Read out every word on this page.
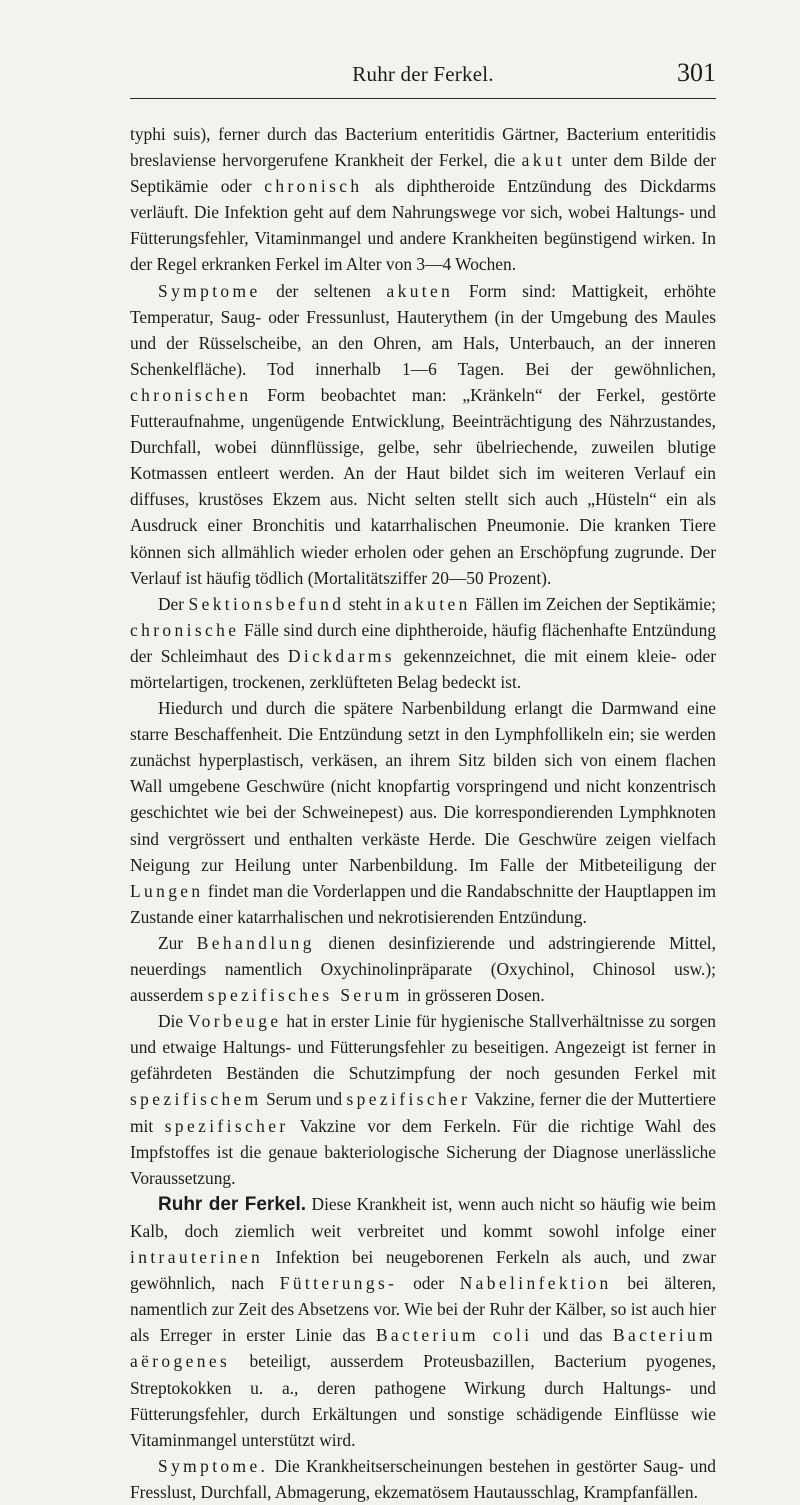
Ruhr der Ferkel.	301

typhi suis), ferner durch das Bacterium enteritidis Gärtner, Bacterium enteritidis breslaviense hervorgerufene Krankheit der Ferkel, die akut unter dem Bilde der Septikämie oder chronisch als diphtheroide Entzündung des Dickdarms verläuft. Die Infektion geht auf dem Nahrungswege vor sich, wobei Haltungs- und Fütterungsfehler, Vitaminmangel und andere Krankheiten begünstigend wirken. In der Regel erkranken Ferkel im Alter von 3—4 Wochen.

Symptome der seltenen akuten Form sind: Mattigkeit, erhöhte Temperatur, Saug- oder Fressunlust, Hauterythem (in der Umgebung des Maules und der Rüsselscheibe, an den Ohren, am Hals, Unterbauch, an der inneren Schenkelfläche). Tod innerhalb 1—6 Tagen. Bei der gewöhnlichen, chronischen Form beobachtet man: „Kränkeln“ der Ferkel, gestörte Futteraufnahme, ungenügende Entwicklung, Beeinträchtigung des Nährzustandes, Durchfall, wobei dünnflüssige, gelbe, sehr übelriechende, zuweilen blutige Kotmassen entleert werden. An der Haut bildet sich im weiteren Verlauf ein diffuses, krustöses Ekzem aus. Nicht selten stellt sich auch „Hüsteln“ ein als Ausdruck einer Bronchitis und katarrhalischen Pneumonie. Die kranken Tiere können sich allmählich wieder erholen oder gehen an Erschöpfung zugrunde. Der Verlauf ist häufig tödlich (Mortalitätsziffer 20—50 Prozent).

Der Sektionsbefund steht in akuten Fällen im Zeichen der Septikämie; chronische Fälle sind durch eine diphtheroide, häufig flächenhafte Entzündung der Schleimhaut des Dickdarms gekennzeichnet, die mit einem kleie- oder mörtelartigen, trockenen, zerklüfteten Belag bedeckt ist.

Hiedurch und durch die spätere Narbenbildung erlangt die Darmwand eine starre Beschaffenheit. Die Entzündung setzt in den Lymphfollikeln ein; sie werden zunächst hyperplastisch, verkäsen, an ihrem Sitz bilden sich von einem flachen Wall umgebene Geschwüre (nicht knopfartig vorspringend und nicht konzentrisch geschichtet wie bei der Schweinepest) aus. Die korrespondierenden Lymphknoten sind vergrössert und enthalten verkäste Herde. Die Geschwüre zeigen vielfach Neigung zur Heilung unter Narbenbildung. Im Falle der Mitbeteiligung der Lungen findet man die Vorderlappen und die Randabschnitte der Hauptlappen im Zustande einer katarrhalischen und nekrotisierenden Entzündung.

Zur Behandlung dienen desinfizierende und adstringierende Mittel, neuerdings namentlich Oxychinolinpräparate (Oxychinol, Chinosol usw.); ausserdem spezifisches Serum in grösseren Dosen.

Die Vorbeuge hat in erster Linie für hygienische Stallverhältnisse zu sorgen und etwaige Haltungs- und Fütterungsfehler zu beseitigen. Angezeigt ist ferner in gefährdeten Beständen die Schutzimpfung der noch gesunden Ferkel mit spezifischem Serum und spezifischer Vakzine, ferner die der Muttertiere mit spezifischer Vakzine vor dem Ferkeln. Für die richtige Wahl des Impfstoffes ist die genaue bakteriologische Sicherung der Diagnose unerlässliche Voraussetzung.

Ruhr der Ferkel. Diese Krankheit ist, wenn auch nicht so häufig wie beim Kalb, doch ziemlich weit verbreitet und kommt sowohl infolge einer intrauterinen Infektion bei neugeborenen Ferkeln als auch, und zwar gewöhnlich, nach Fütterungs- oder Nabelinfektion bei älteren, namentlich zur Zeit des Absetzens vor. Wie bei der Ruhr der Kälber, so ist auch hier als Erreger in erster Linie das Bacterium coli und das Bacterium aërogenes beteiligt, ausserdem Proteusbazillen, Bacterium pyogenes, Streptokokken u. a., deren pathogene Wirkung durch Haltungs- und Fütterungsfehler, durch Erkältungen und sonstige schädigende Einflüsse wie Vitaminmangel unterstützt wird.

Symptome. Die Krankheitserscheinungen bestehen in gestörter Saug- und Fresslust, Durchfall, Abmagerung, ekzematösem Hautausschlag, Krampfanfällen.
